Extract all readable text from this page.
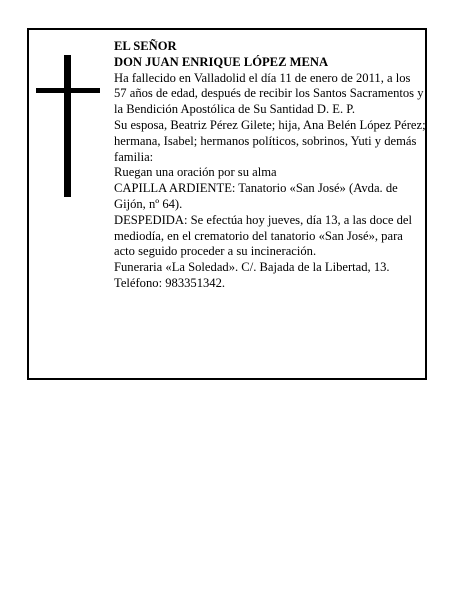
EL SEÑOR

DON JUAN ENRIQUE LÓPEZ MENA

Ha fallecido en Valladolid el día 11 de enero de 2011, a los 57 años de edad, después de recibir los Santos Sacramentos y la Bendición Apostólica de Su Santidad D. E. P.

Su esposa, Beatriz Pérez Gilete; hija, Ana Belén López Pérez; hermana, Isabel; hermanos políticos, sobrinos, Yuti y demás familia:

Ruegan una oración por su alma

CAPILLA ARDIENTE: Tanatorio «San José» (Avda. de Gijón, nº 64).

DESPEDIDA: Se efectúa hoy jueves, día 13, a las doce del mediodía, en el crematorio del tanatorio «San José», para acto seguido proceder a su incineración.

Funeraria «La Soledad». C/. Bajada de la Libertad, 13. Teléfono: 983351342.
